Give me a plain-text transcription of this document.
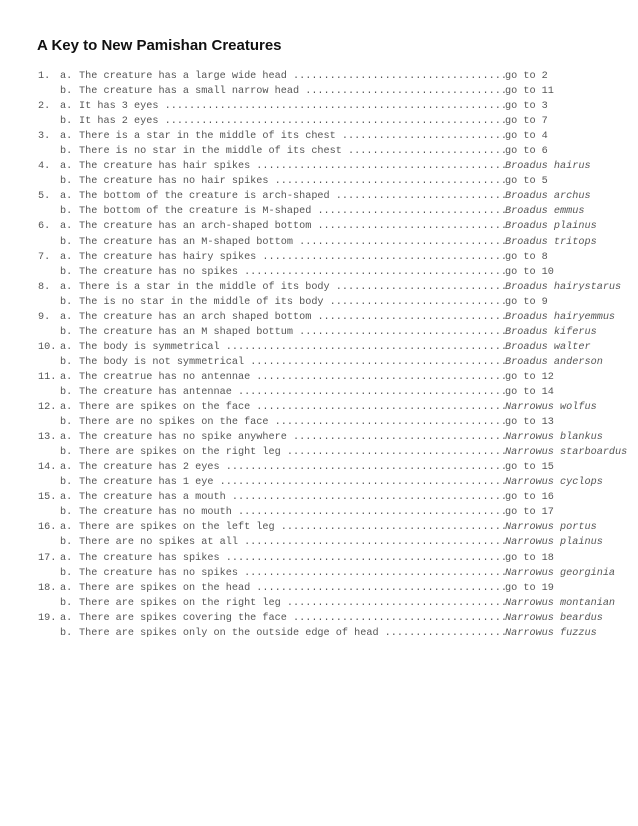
A Key to New Pamishan Creatures
1. a. The creature has a large wide head .....	go to 2
b. The creature has a small narrow head .....	go to 11
2. a. It has 3 eyes .....	go to 3
b. It has 2 eyes .....	go to 7
3. a. There is a star in the middle of its chest .....	go to 4
b. There is no star in the middle of its chest .....	go to 6
4. a. The creature has hair spikes .....	Broadus hairus
b. The creature has no hair spikes .....	go to 5
5. a. The bottom of the creature is arch-shaped .....	Broadus archus
b. The bottom of the creature is M-shaped .....	Broadus emmus
6. a. The creature has an arch-shaped bottom .....	Broadus plainus
b. The creature has an M-shaped bottom .....	Broadus tritops
7. a. The creature has hairy spikes .....	go to 8
b. The creature has no spikes .....	go to 10
8. a. There is a star in the middle of its body .....	Broadus hairystarus
b. The is no star in the middle of its body .....	go to 9
9. a. The creature has an arch shaped bottom .....	Broadus hairyemmus
b. The creature has an M shaped bottum .....	Broadus kiferus
10. a. The body is symmetrical .....	Broadus walter
b. The body is not symmetrical .....	Broadus anderson
11. a. The creatrue has no antennae .....	go to 12
b. The creature has antennae .....	go to 14
12. a. There are spikes on the face .....	Narrowus wolfus
b. There are no spikes on the face .....	go to 13
13. a. The creature has no spike anywhere .....	Narrowus blankus
b. There are spikes on the right leg .....	Narrowus starboardus
14. a. The creature has 2 eyes .....	go to 15
b. The creature has 1 eye .....	Narrowus cyclops
15. a. The creature has a mouth .....	go to 16
b. The creature has no mouth .....	go to 17
16. a. There are spikes on the left leg .....	Narrowus portus
b. There are no spikes at all .....	Narrowus plainus
17. a. The creature has spikes .....	go to 18
b. The creature has no spikes .....	Narrowus georginia
18. a. There are spikes on the head .....	go to 19
b. There are spikes on the right leg .....	Narrowus montanian
19. a. There are spikes covering the face .....	Narrowus beardus
b. There are spikes only on the outside edge of head .....	Narrowus fuzzus
